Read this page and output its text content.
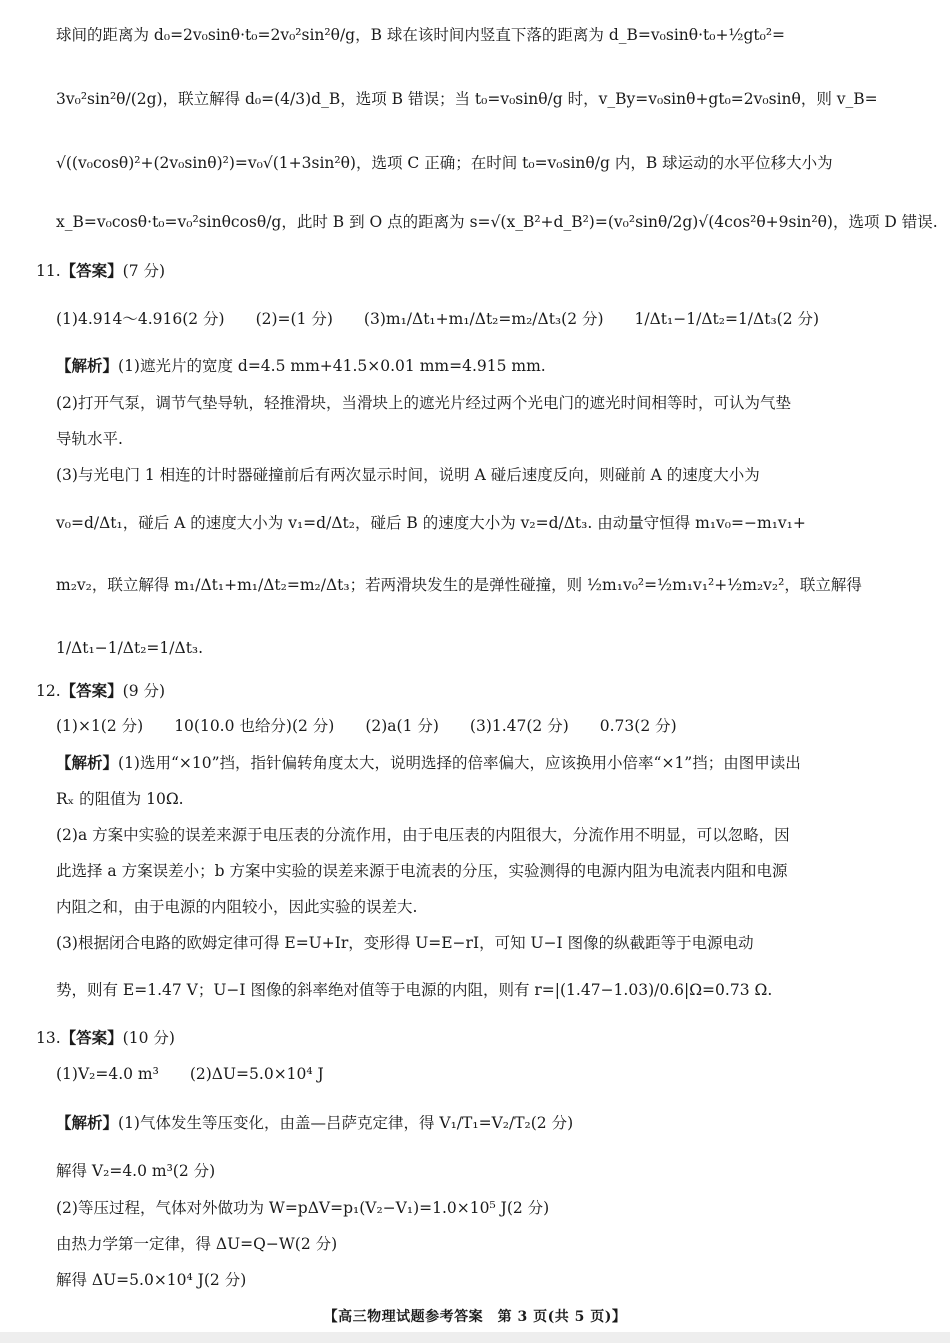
球间的距离为 d₀=2v₀sinθ·t₀=2v₀²sin²θ/g，B 球在该时间内竖直下落的距离为 d_B=v₀sinθ·t₀+½gt₀²=
3v₀²sin²θ/(2g)，联立解得 d₀=(4/3)d_B，选项 B 错误；当 t₀=v₀sinθ/g 时，v_By=v₀sinθ+gt₀=2v₀sinθ，则 v_B=
√((v₀cosθ)²+(2v₀sinθ)²)=v₀√(1+3sin²θ)，选项 C 正确；在时间 t₀=v₀sinθ/g 内，B 球运动的水平位移大小为
x_B=v₀cosθ·t₀=v₀²sinθcosθ/g，此时 B 到 O 点的距离为 s=√(x_B²+d_B²)=(v₀²sinθ/2g)√(4cos²θ+9sin²θ)，选项 D 错误.
11.【答案】(7 分)
(1)4.914～4.916(2 分)　　(2)=(1 分)　　(3)m₁/Δt₁+m₁/Δt₂=m₂/Δt₃(2 分)　　1/Δt₁−1/Δt₂=1/Δt₃(2 分)
【解析】(1)遮光片的宽度 d=4.5 mm+41.5×0.01 mm=4.915 mm.
(2)打开气泵，调节气垫导轨，轻推滑块，当滑块上的遮光片经过两个光电门的遮光时间相等时，可认为气垫
导轨水平.
(3)与光电门 1 相连的计时器碰撞前后有两次显示时间，说明 A 碰后速度反向，则碰前 A 的速度大小为
v₀=d/Δt₁，碰后 A 的速度大小为 v₁=d/Δt₂，碰后 B 的速度大小为 v₂=d/Δt₃. 由动量守恒得 m₁v₀=−m₁v₁+
m₂v₂，联立解得 m₁/Δt₁+m₁/Δt₂=m₂/Δt₃；若两滑块发生的是弹性碰撞，则 ½m₁v₀²=½m₁v₁²+½m₂v₂²，联立解得
1/Δt₁−1/Δt₂=1/Δt₃.
12.【答案】(9 分)
(1)×1(2 分)　　10(10.0 也给分)(2 分)　　(2)a(1 分)　　(3)1.47(2 分)　　0.73(2 分)
【解析】(1)选用“×10”挡，指针偏转角度太大，说明选择的倍率偏大，应该换用小倍率“×1”挡；由图甲读出
Rₓ 的阻值为 10Ω.
(2)a 方案中实验的误差来源于电压表的分流作用，由于电压表的内阻很大，分流作用不明显，可以忽略，因
此选择 a 方案误差小；b 方案中实验的误差来源于电流表的分压，实验测得的电源内阻为电流表内阻和电源
内阻之和，由于电源的内阻较小，因此实验的误差大.
(3)根据闭合电路的欧姆定律可得 E=U+Ir，变形得 U=E−rI，可知 U−I 图像的纵截距等于电源电动
势，则有 E=1.47 V；U−I 图像的斜率绝对值等于电源的内阻，则有 r=|(1.47−1.03)/0.6|Ω=0.73 Ω.
13.【答案】(10 分)
(1)V₂=4.0 m³　　(2)ΔU=5.0×10⁴ J
【解析】(1)气体发生等压变化，由盖—吕萨克定律，得 V₁/T₁=V₂/T₂(2 分)
解得 V₂=4.0 m³(2 分)
(2)等压过程，气体对外做功为 W=pΔV=p₁(V₂−V₁)=1.0×10⁵ J(2 分)
由热力学第一定律，得 ΔU=Q−W(2 分)
解得 ΔU=5.0×10⁴ J(2 分)
【高三物理试题参考答案　第 3 页(共 5 页)】
